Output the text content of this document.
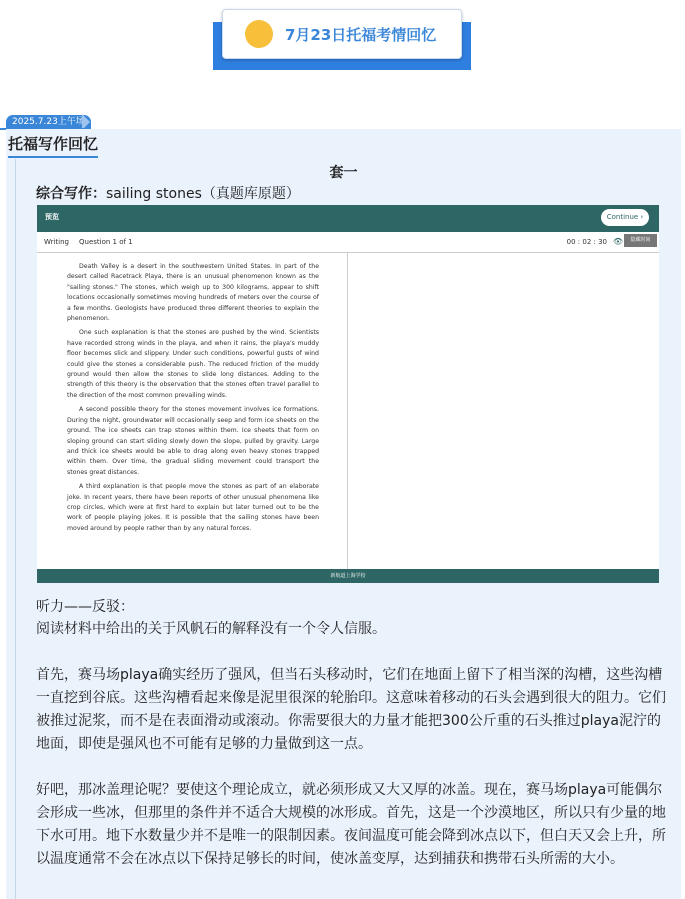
7月23日托福考情回忆
2025.7.23上午场
托福写作回忆
套一
综合写作：sailing stones（真题库原题）
预览	Continue ›
Writing Question 1 of 1	00 : 02 : 30 👁	隐藏时间

Death Valley is a desert in the southwestern United States. In part of the desert called Racetrack Playa, there is an unusual phenomenon known as the "sailing stones." The stones, which weigh up to 300 kilograms, appear to shift locations occasionally sometimes moving hundreds of meters over the course of a few months. Geologists have produced three different theories to explain the phenomenon.

One such explanation is that the stones are pushed by the wind. Scientists have recorded strong winds in the playa, and when it rains, the playa's muddy floor becomes slick and slippery. Under such conditions, powerful gusts of wind could give the stones a considerable push. The reduced friction of the muddy ground would then allow the stones to slide long distances. Adding to the strength of this theory is the observation that the stones often travel parallel to the direction of the most common prevailing winds.

A second possible theory for the stones movement involves ice formations. During the night, groundwater will occasionally seep and form ice sheets on the ground. The ice sheets can trap stones within them. Ice sheets that form on sloping ground can start sliding slowly down the slope, pulled by gravity. Large and thick ice sheets would be able to drag along even heavy stones trapped within them. Over time, the gradual sliding movement could transport the stones great distances.

A third explanation is that people move the stones as part of an elaborate joke. In recent years, there have been reports of other unusual phenomena like crop circles, which were at first hard to explain but later turned out to be the work of people playing jokes. It is possible that the sailing stones have been moved around by people rather than by any natural forces.

新航道上海学校
听力——反驳：
阅读材料中给出的关于风帆石的解释没有一个令人信服。
首先，赛马场playa确实经历了强风，但当石头移动时，它们在地面上留下了相当深的沟槽，这些沟槽一直挖到谷底。这些沟槽看起来像是泥里很深的轮胎印。这意味着移动的石头会遇到很大的阻力。它们被推过泥浆，而不是在表面滑动或滚动。你需要很大的力量才能把300公斤重的石头推过playa泥泞的地面，即使是强风也不可能有足够的力量做到这一点。
好吧，那冰盖理论呢？要使这个理论成立，就必须形成又大又厚的冰盖。现在，赛马场playa可能偶尔会形成一些冰，但那里的条件并不适合大规模的冰形成。首先，这是一个沙漠地区，所以只有少量的地下水可用。地下水数量少并不是唯一的限制因素。夜间温度可能会降到冰点以下，但白天又会上升，所以温度通常不会在冰点以下保持足够长的时间，使冰盖变厚，达到捕获和携带石头所需的大小。
